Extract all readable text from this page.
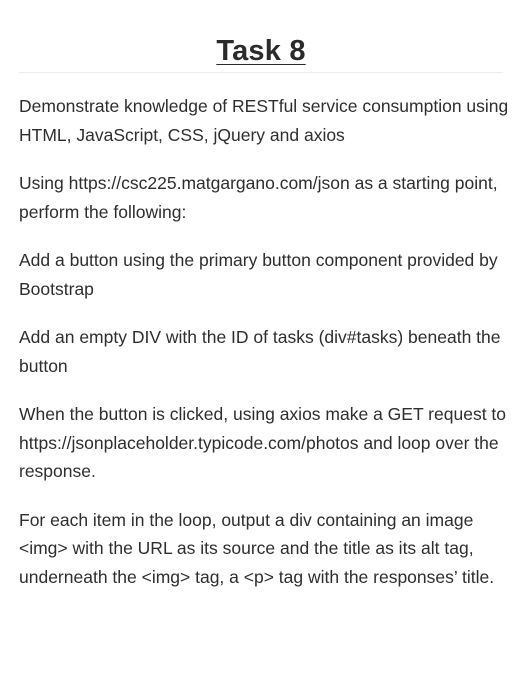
Task 8

Demonstrate knowledge of RESTful service consumption using HTML, JavaScript, CSS, jQuery and axios

Using https://csc225.matgargano.com/json as a starting point, perform the following:

Add a button using the primary button component provided by Bootstrap

Add an empty DIV with the ID of tasks (div#tasks) beneath the button

When the button is clicked, using axios make a GET request to https://jsonplaceholder.typicode.com/photos and loop over the response.

For each item in the loop, output a div containing an image <img> with the URL as its source and the title as its alt tag, underneath the <img> tag, a <p> tag with the responses’ title.
